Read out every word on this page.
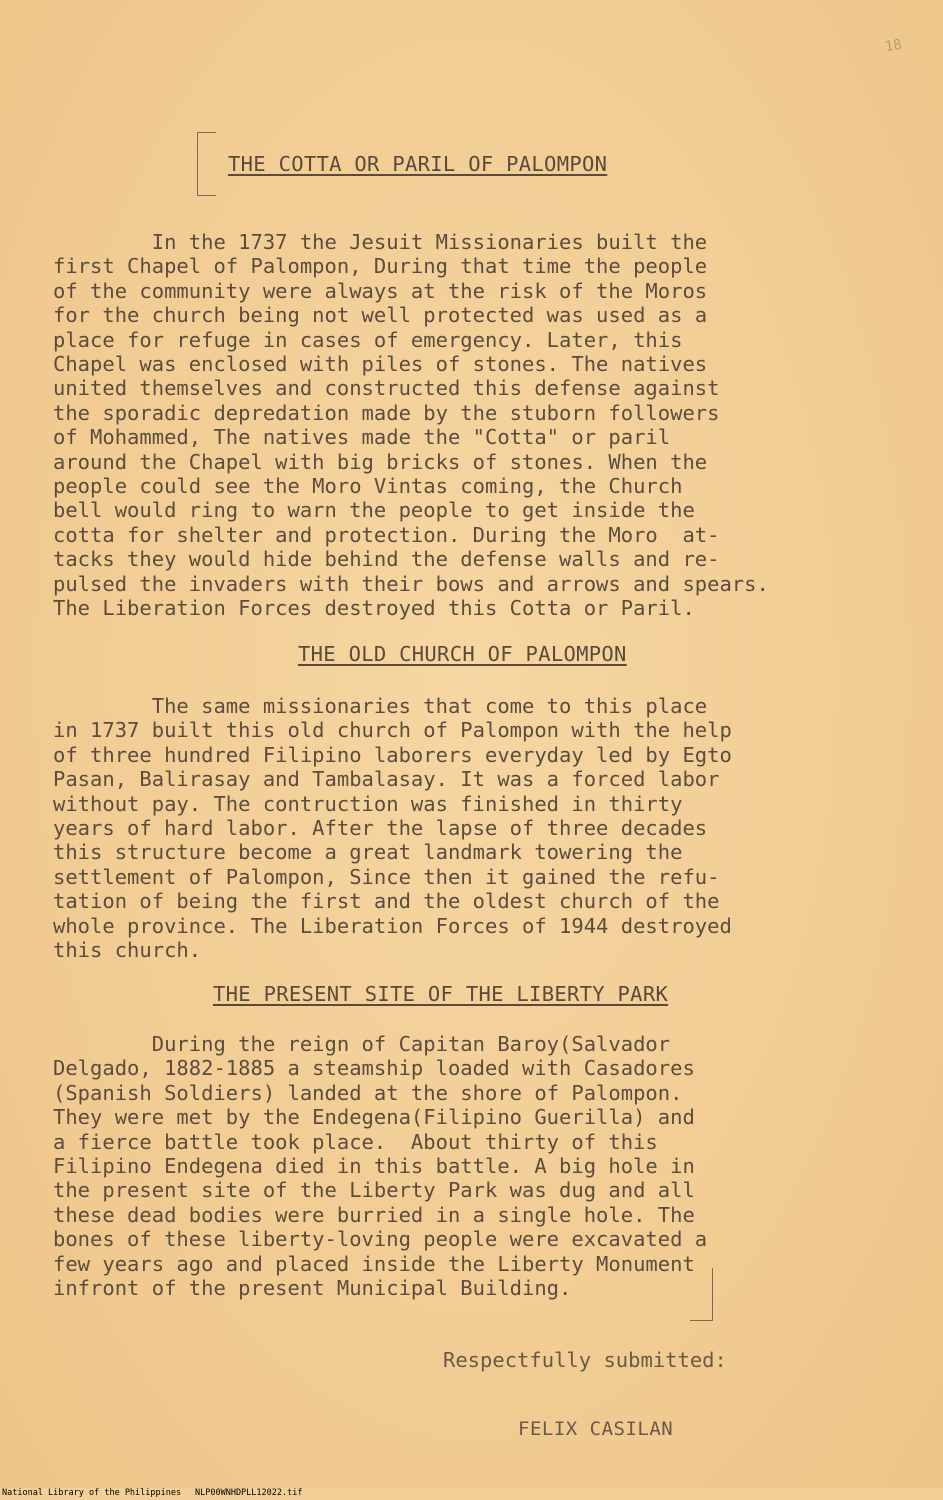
18
THE COTTA OR PARIL OF PALOMPON
In the 1737 the Jesuit Missionaries built the
first Chapel of Palompon, During that time the people
of the community were always at the risk of the Moros
for the church being not well protected was used as a
place for refuge in cases of emergency. Later, this
Chapel was enclosed with piles of stones. The natives
united themselves and constructed this defense against
the sporadic depredation made by the stuborn followers
of Mohammed, The natives made the "Cotta" or paril
around the Chapel with big bricks of stones. When the
people could see the Moro Vintas coming, the Church
bell would ring to warn the people to get inside the
cotta for shelter and protection. During the Moro  at-
tacks they would hide behind the defense walls and re-
pulsed the invaders with their bows and arrows and spears.
The Liberation Forces destroyed this Cotta or Paril.
THE OLD CHURCH OF PALOMPON
The same missionaries that come to this place
in 1737 built this old church of Palompon with the help
of three hundred Filipino laborers everyday led by Egto
Pasan, Balirasay and Tambalasay. It was a forced labor
without pay. The contruction was finished in thirty
years of hard labor. After the lapse of three decades
this structure become a great landmark towering the
settlement of Palompon, Since then it gained the refu-
tation of being the first and the oldest church of the
whole province. The Liberation Forces of 1944 destroyed
this church.
THE PRESENT SITE OF THE LIBERTY PARK
During the reign of Capitan Baroy(Salvador
Delgado, 1882-1885 a steamship loaded with Casadores
(Spanish Soldiers) landed at the shore of Palompon.
They were met by the Endegena(Filipino Guerilla) and
a fierce battle took place.  About thirty of this
Filipino Endegena died in this battle. A big hole in
the present site of the Liberty Park was dug and all
these dead bodies were burried in a single hole. The
bones of these liberty-loving people were excavated a
few years ago and placed inside the Liberty Monument
infront of the present Municipal Building.

Respectfully submitted:

FELIX CASILAN

National Library of the Philippines NLP00WNHDPLL12022.tif
